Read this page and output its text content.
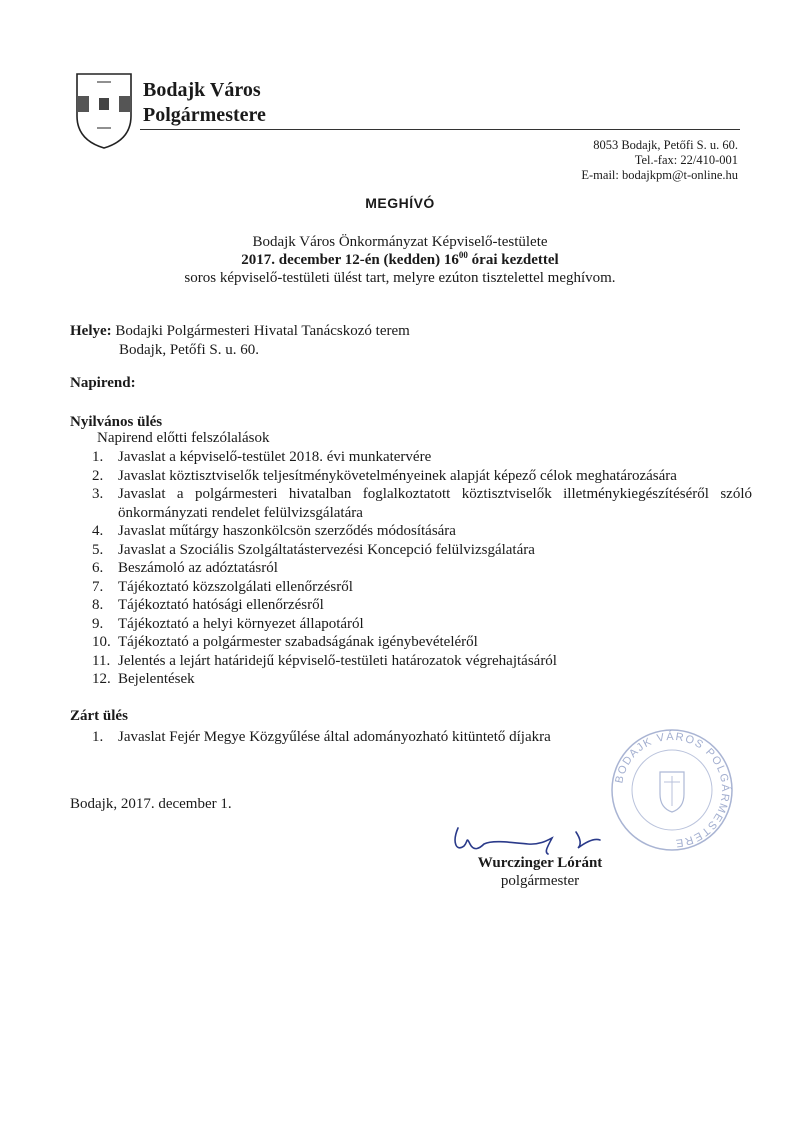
Bodajk Város
Polgármestere
8053 Bodajk, Petőfi S. u. 60.
Tel.-fax: 22/410-001
E-mail: bodajkpm@t-online.hu
MEGHÍVÓ
Bodajk Város Önkormányzat Képviselő-testülete
2017. december 12-én (kedden) $16^{00}$ órai kezdettel
soros képviselő-testületi ülést tart, melyre ezúton tisztelettel meghívom.
Helye: Bodajki Polgármesteri Hivatal Tanácskozó terem
Bodajk, Petőfi S. u. 60.
Napirend:
Nyilvános ülés
Napirend előtti felszólalások
1. Javaslat a képviselő-testület 2018. évi munkatervére
2. Javaslat köztisztviselők teljesítménykövetelményeinek alapját képező célok meghatározására
3. Javaslat a polgármesteri hivatalban foglalkoztatott köztisztviselők illetménykiegészítéséről szóló önkormányzati rendelet felülvizsgálatára
4. Javaslat műtárgy haszonkölcsön szerződés módosítására
5. Javaslat a Szociális Szolgáltatástervezési Koncepció felülvizsgálatára
6. Beszámoló az adóztatásról
7. Tájékoztató közszolgálati ellenőrzésről
8. Tájékoztató hatósági ellenőrzésről
9. Tájékoztató a helyi környezet állapotáról
10. Tájékoztató a polgármester szabadságának igénybevételéről
11. Jelentés a lejárt határidejű képviselő-testületi határozatok végrehajtásáról
12. Bejelentések
Zárt ülés
1. Javaslat Fejér Megye Közgyűlése által adományozható kitüntető díjakra
Bodajk, 2017. december 1.
BODAJK VÁROS POLGÁRMESTERE
Wurczinger Lóránt
polgármester
